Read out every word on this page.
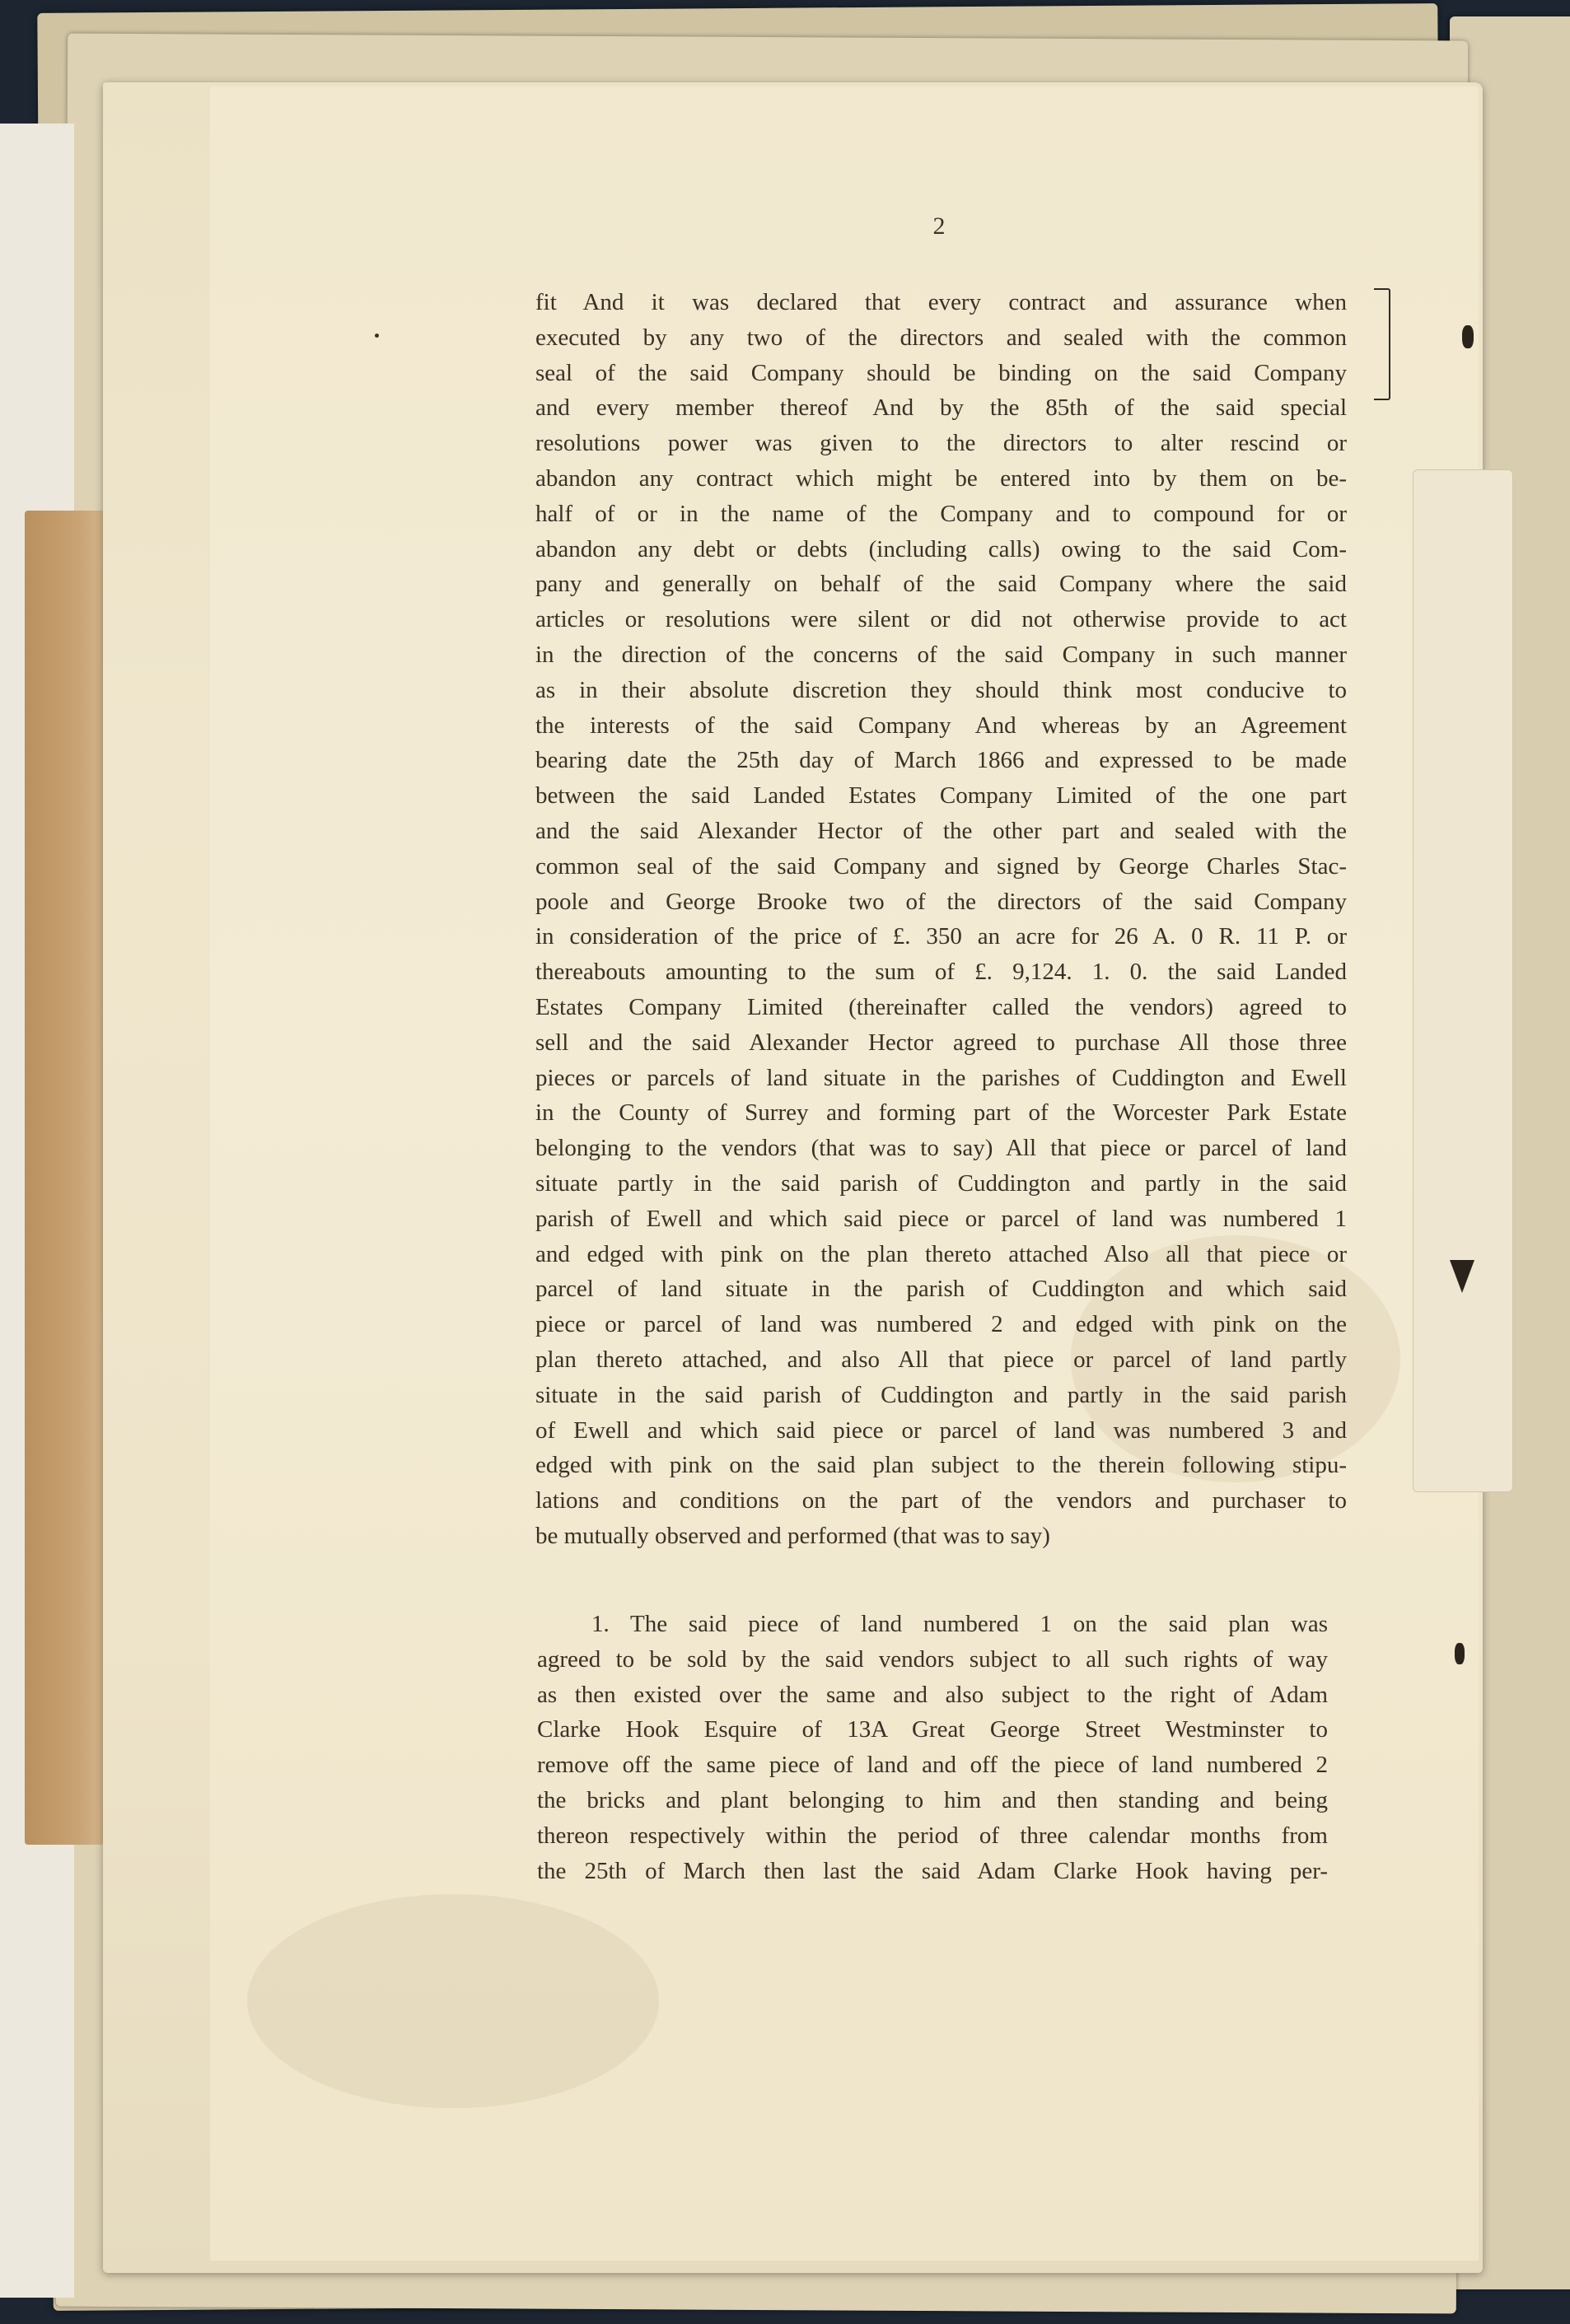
2
fit And it was declared that every contract and assurance when
executed by any two of the directors and sealed with the common
seal of the said Company should be binding on the said Company
and every member thereof And by the 85th of the said special
resolutions power was given to the directors to alter rescind or
abandon any contract which might be entered into by them on be-
half of or in the name of the Company and to compound for or
abandon any debt or debts (including calls) owing to the said Com-
pany and generally on behalf of the said Company where the said
articles or resolutions were silent or did not otherwise provide to act
in the direction of the concerns of the said Company in such manner
as in their absolute discretion they should think most conducive to
the interests of the said Company And whereas by an Agreement
bearing date the 25th day of March 1866 and expressed to be made
between the said Landed Estates Company Limited of the one part
and the said Alexander Hector of the other part and sealed with the
common seal of the said Company and signed by George Charles Stac-
poole and George Brooke two of the directors of the said Company
in consideration of the price of £. 350 an acre for 26 A. 0 R. 11 P. or
thereabouts amounting to the sum of £. 9,124. 1. 0. the said Landed
Estates Company Limited (thereinafter called the vendors) agreed to
sell and the said Alexander Hector agreed to purchase All those three
pieces or parcels of land situate in the parishes of Cuddington and Ewell
in the County of Surrey and forming part of the Worcester Park Estate
belonging to the vendors (that was to say) All that piece or parcel of land
situate partly in the said parish of Cuddington and partly in the said
parish of Ewell and which said piece or parcel of land was numbered 1
and edged with pink on the plan thereto attached Also all that piece or
parcel of land situate in the parish of Cuddington and which said
piece or parcel of land was numbered 2 and edged with pink on the
plan thereto attached, and also All that piece or parcel of land partly
situate in the said parish of Cuddington and partly in the said parish
of Ewell and which said piece or parcel of land was numbered 3 and
edged with pink on the said plan subject to the therein following stipu-
lations and conditions on the part of the vendors and purchaser to
be mutually observed and performed (that was to say)
1. The said piece of land numbered 1 on the said plan was
agreed to be sold by the said vendors subject to all such rights of way
as then existed over the same and also subject to the right of Adam
Clarke Hook Esquire of 13A Great George Street Westminster to
remove off the same piece of land and off the piece of land numbered 2
the bricks and plant belonging to him and then standing and being
thereon respectively within the period of three calendar months from
the 25th of March then last the said Adam Clarke Hook having per-
